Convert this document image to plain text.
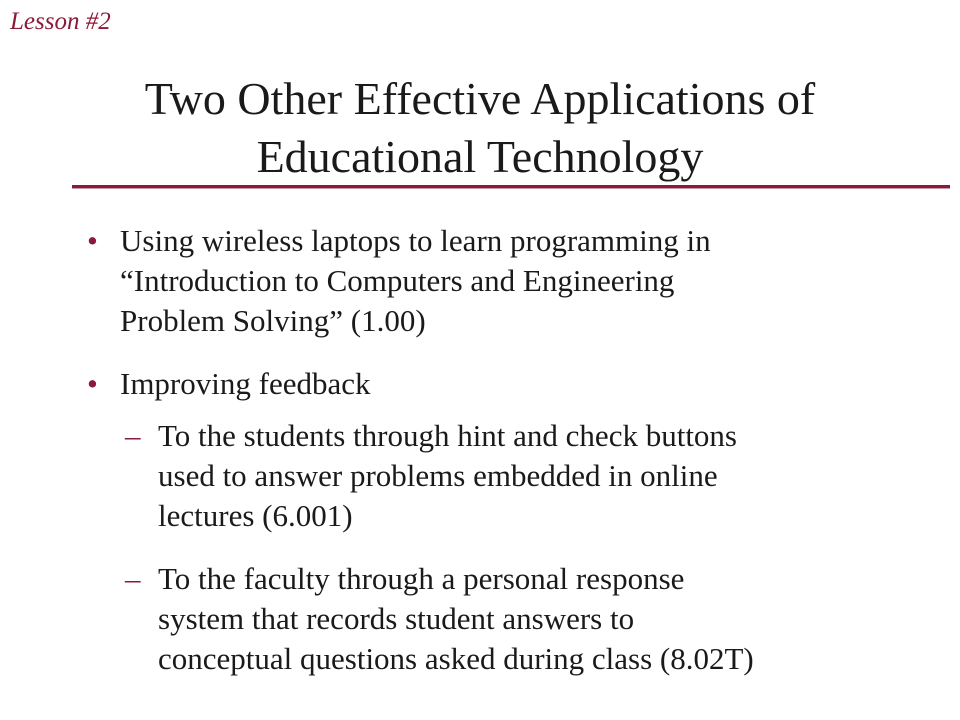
Lesson #2
Two Other Effective Applications of
Educational Technology
• Using wireless laptops to learn programming in
“Introduction to Computers and Engineering
Problem Solving” (1.00)
• Improving feedback
– To the students through hint and check buttons
used to answer problems embedded in online
lectures (6.001)
– To the faculty through a personal response
system that records student answers to
conceptual questions asked during class (8.02T)
